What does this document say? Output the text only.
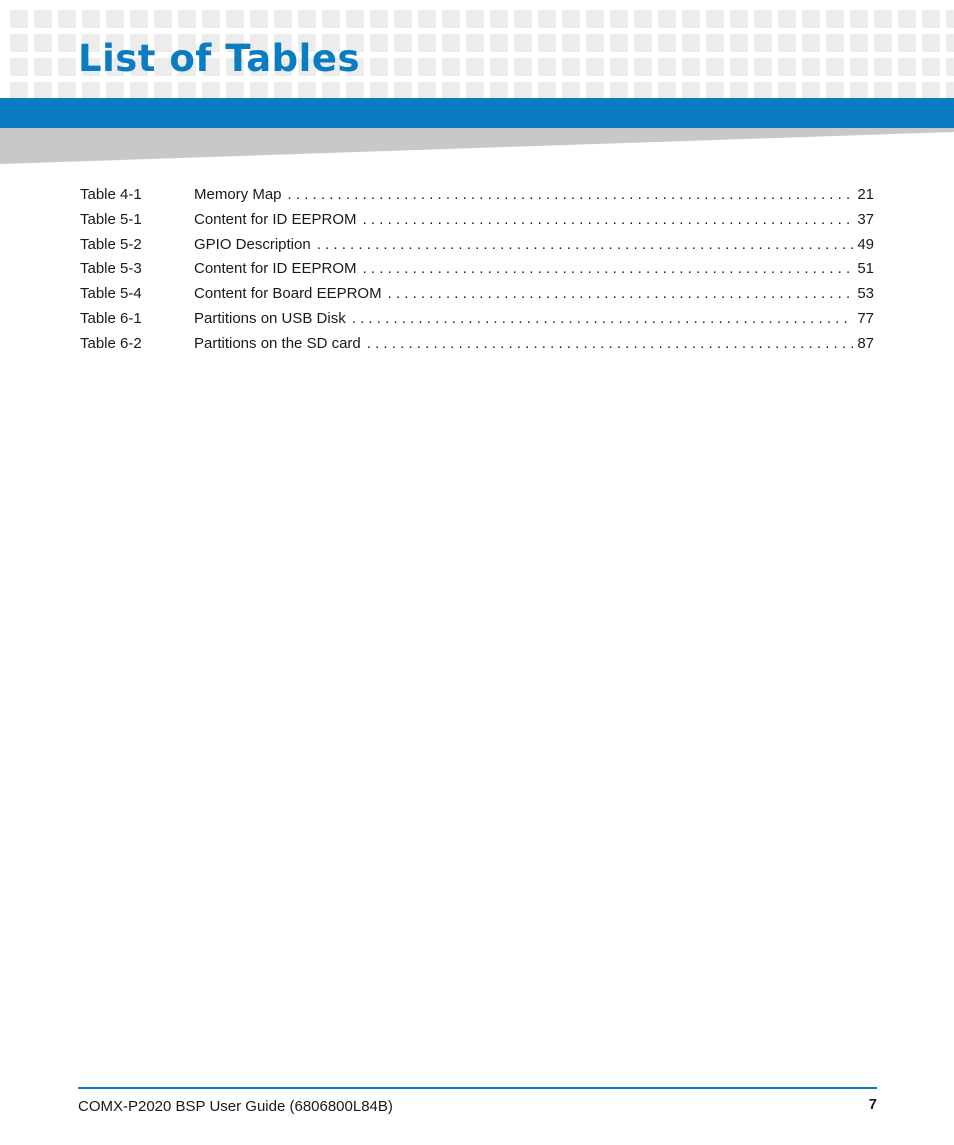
List of Tables
Table 4-1	Memory Map . . .	21
Table 5-1	Content for ID EEPROM . . .	37
Table 5-2	GPIO Description . . .	49
Table 5-3	Content for ID EEPROM . . .	51
Table 5-4	Content for Board EEPROM . . .	53
Table 6-1	Partitions on USB Disk . . .	77
Table 6-2	Partitions on the SD card . . .	87
COMX-P2020 BSP User Guide (6806800L84B)	7
